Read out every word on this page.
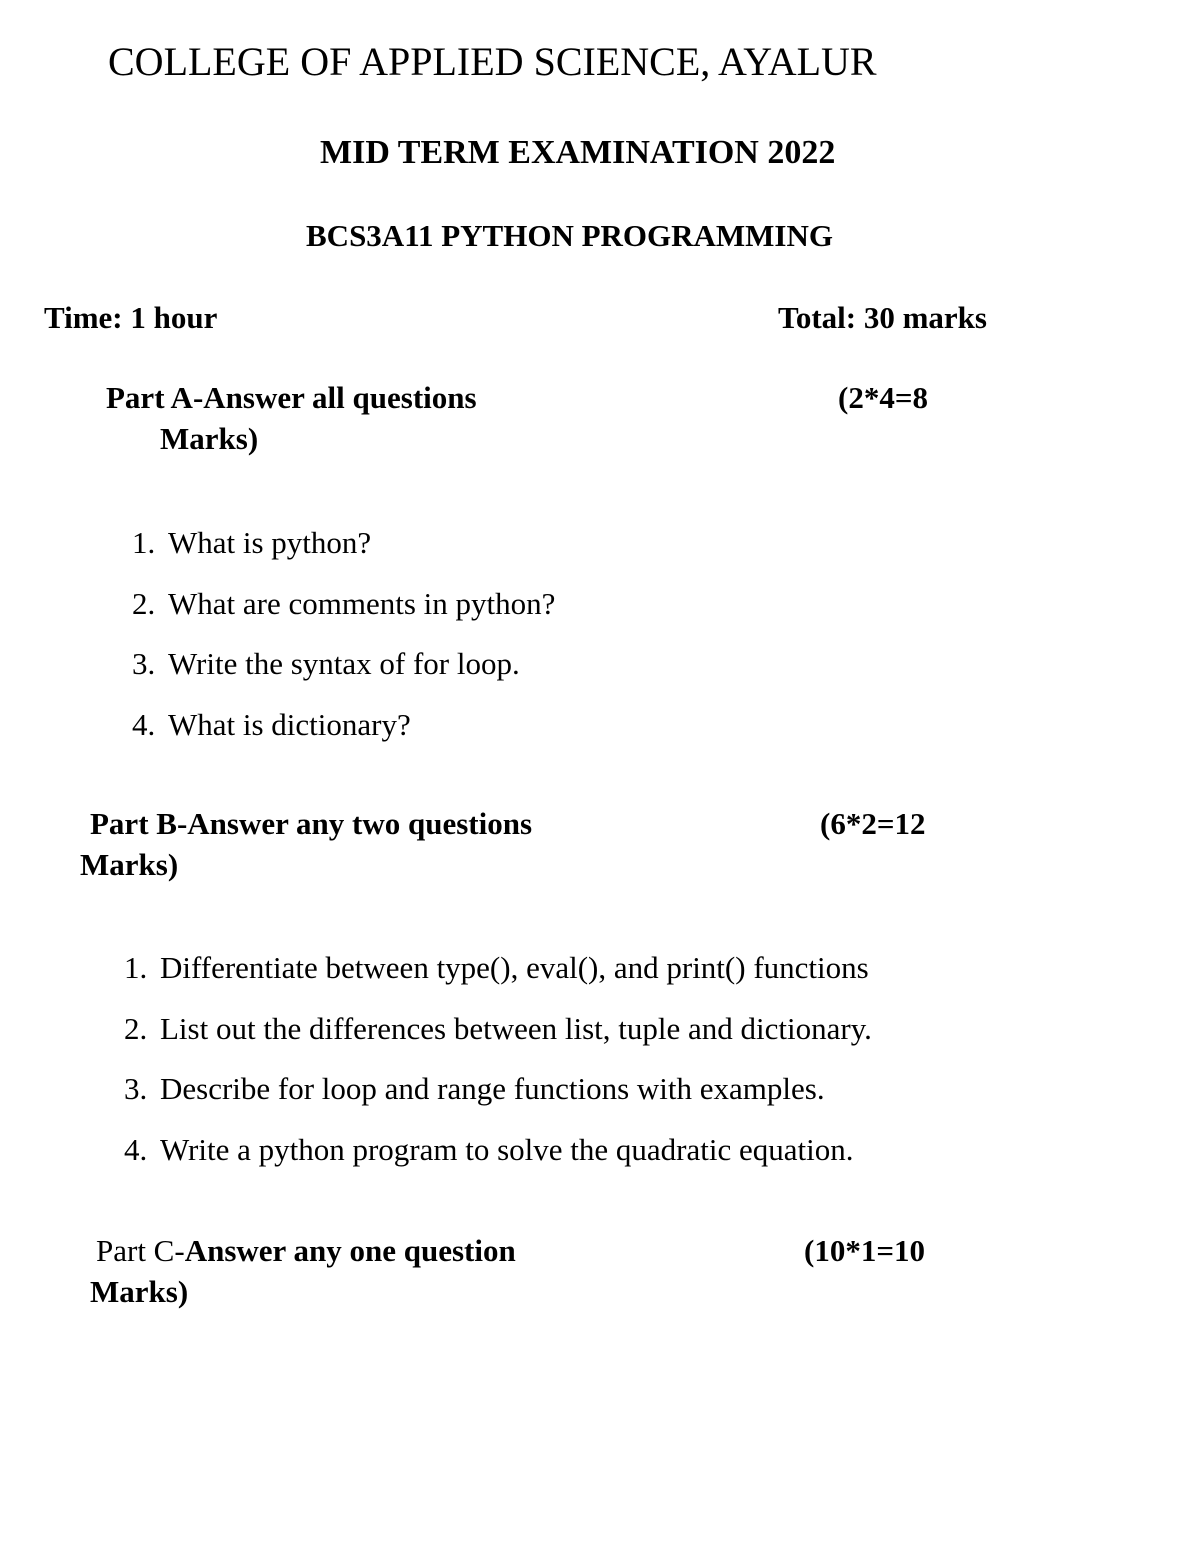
COLLEGE OF APPLIED SCIENCE, AYALUR
MID TERM EXAMINATION 2022
BCS3A11 PYTHON PROGRAMMING
Time: 1 hour	Total: 30 marks
Part A-Answer all questions	(2*4=8
Marks)
1. What is python?
2. What are comments in python?
3. Write the syntax of for loop.
4. What is dictionary?
Part B-Answer any two questions	(6*2=12
Marks)
1. Differentiate between type(), eval(), and print() functions
2. List out the differences between list, tuple and dictionary.
3. Describe for loop and range functions with examples.
4. Write a python program to solve the quadratic equation.
Part C-Answer any one question	(10*1=10
Marks)
